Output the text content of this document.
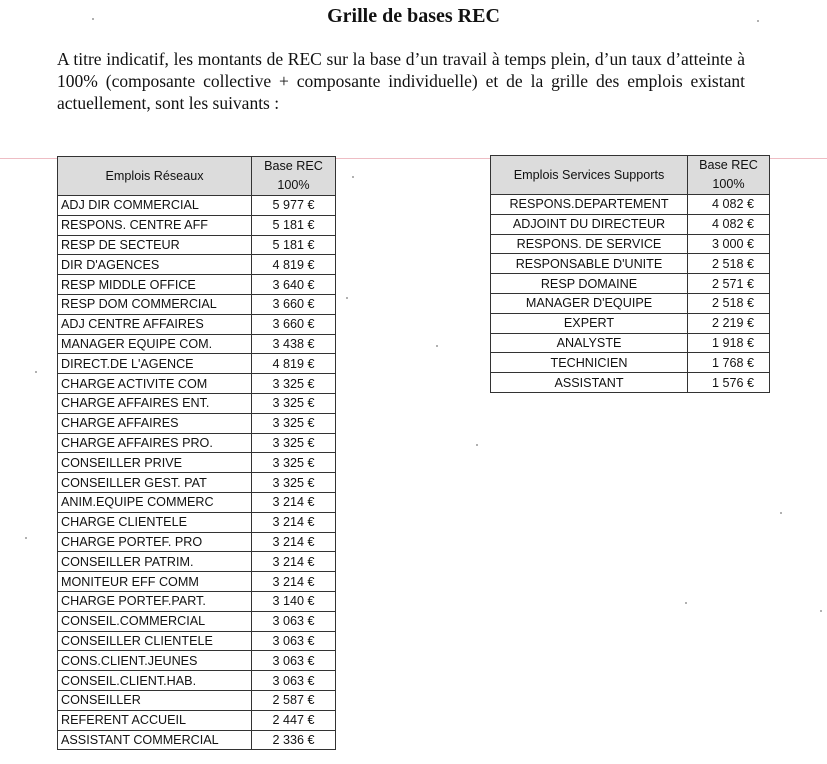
Grille de bases REC
A titre indicatif, les montants de REC sur la base d’un travail à temps plein, d’un taux d’atteinte à 100% (composante collective + composante individuelle) et de la grille des emplois existant actuellement, sont les suivants :
Emplois Réseaux	Base REC
100%

ADJ DIR COMMERCIAL	5 977 €
RESPONS. CENTRE AFF	5 181 €
RESP DE SECTEUR	5 181 €
DIR D'AGENCES	4 819 €
RESP MIDDLE OFFICE	3 640 €
RESP DOM COMMERCIAL	3 660 €
ADJ CENTRE AFFAIRES	3 660 €
MANAGER EQUIPE COM.	3 438 €
DIRECT.DE L'AGENCE	4 819 €
CHARGE ACTIVITE COM	3 325 €
CHARGE AFFAIRES ENT.	3 325 €
CHARGE AFFAIRES	3 325 €
CHARGE AFFAIRES PRO.	3 325 €
CONSEILLER PRIVE	3 325 €
CONSEILLER GEST. PAT	3 325 €
ANIM.EQUIPE COMMERC	3 214 €
CHARGE CLIENTELE	3 214 €
CHARGE PORTEF. PRO	3 214 €
CONSEILLER PATRIM.	3 214 €
MONITEUR EFF COMM	3 214 €
CHARGE PORTEF.PART.	3 140 €
CONSEIL.COMMERCIAL	3 063 €
CONSEILLER CLIENTELE	3 063 €
CONS.CLIENT.JEUNES	3 063 €
CONSEIL.CLIENT.HAB.	3 063 €
CONSEILLER	2 587 €
REFERENT ACCUEIL	2 447 €
ASSISTANT COMMERCIAL	2 336 €
Emplois Services Supports	Base REC
100%

RESPONS.DEPARTEMENT	4 082 €
ADJOINT DU DIRECTEUR	4 082 €
RESPONS. DE SERVICE	3 000 €
RESPONSABLE D'UNITE	2 518 €
RESP DOMAINE	2 571 €
MANAGER D'EQUIPE	2 518 €
EXPERT	2 219 €
ANALYSTE	1 918 €
TECHNICIEN	1 768 €
ASSISTANT	1 576 €
